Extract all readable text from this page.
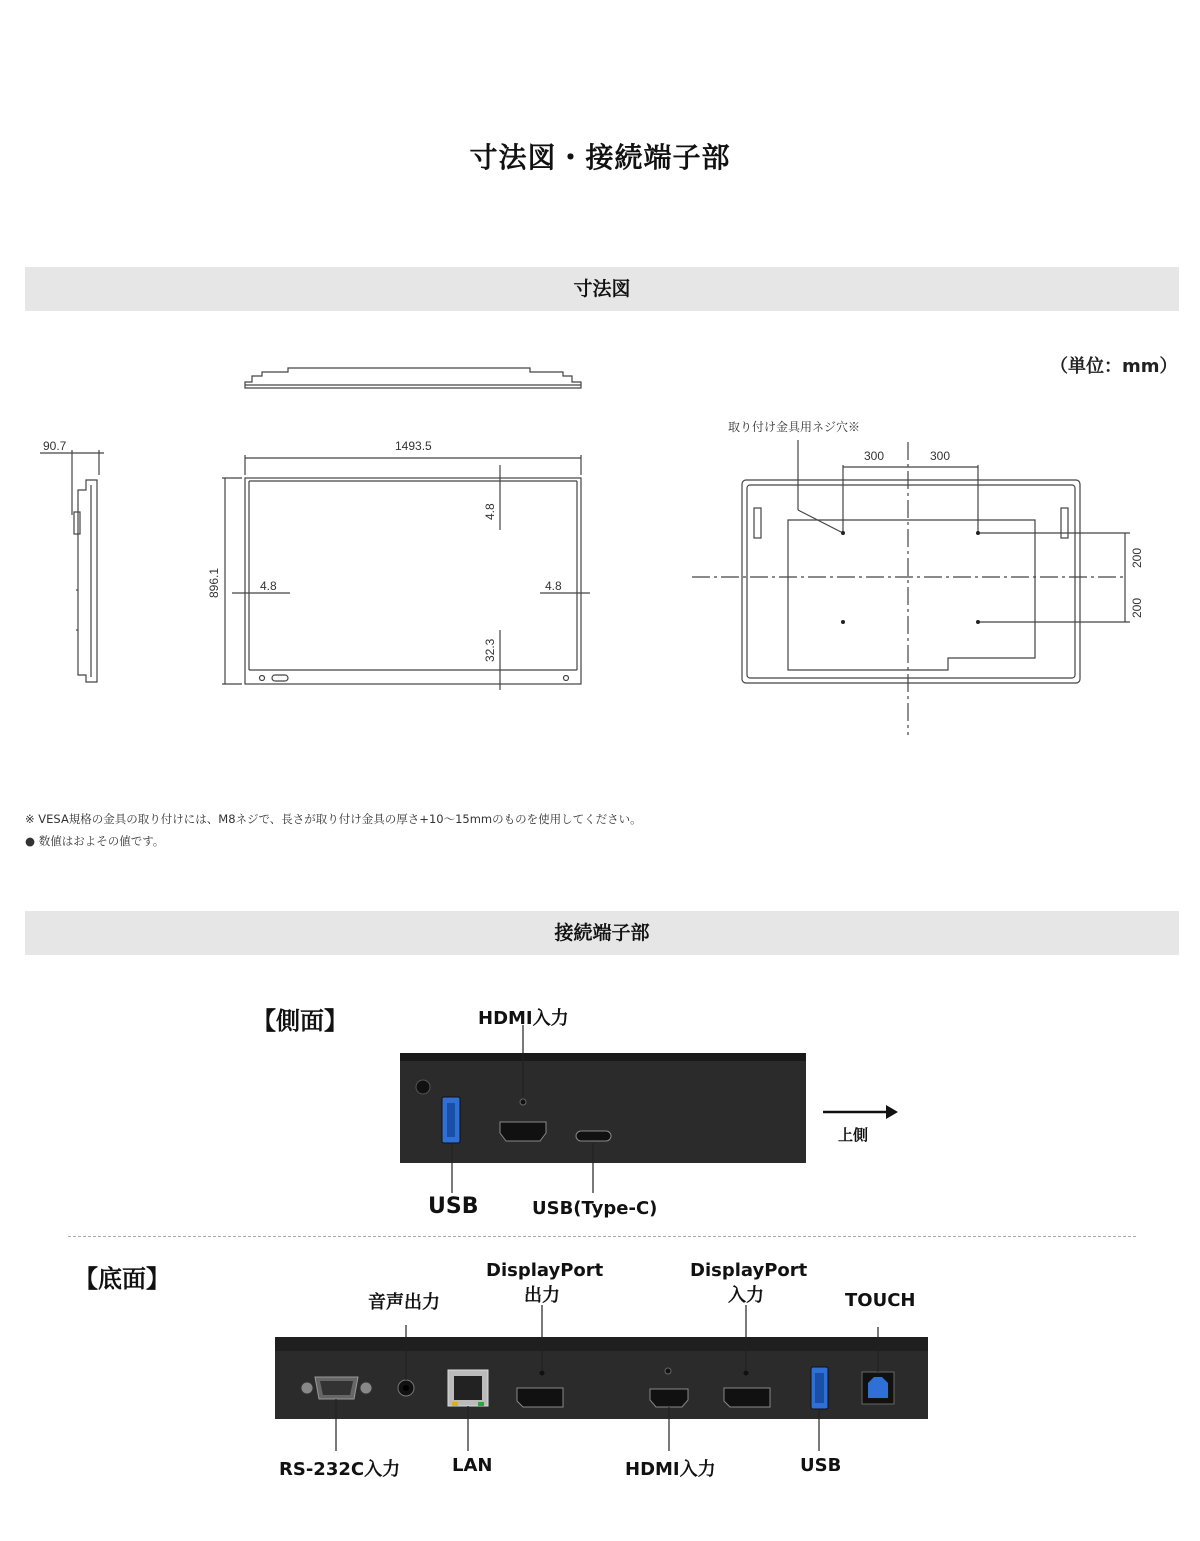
寸法図・接続端子部
寸法図
（単位：mm）
90.7	1493.5
896.1
4.8
32.3
4.8	4.8
取り付け金具用ネジ穴※
300	300
200
200
※ VESA規格の金具の取り付けには、M8ネジで、長さが取り付け金具の厚さ+10〜15mmのものを使用してください。
● 数値はおよその値です。
接続端子部
【側面】	HDMI入力
上側
USB	USB(Type-C)
【底面】
音声出力
DisplayPort
出力
DisplayPort
入力	TOUCH
RS-232C入力	LAN	HDMI入力	USB
